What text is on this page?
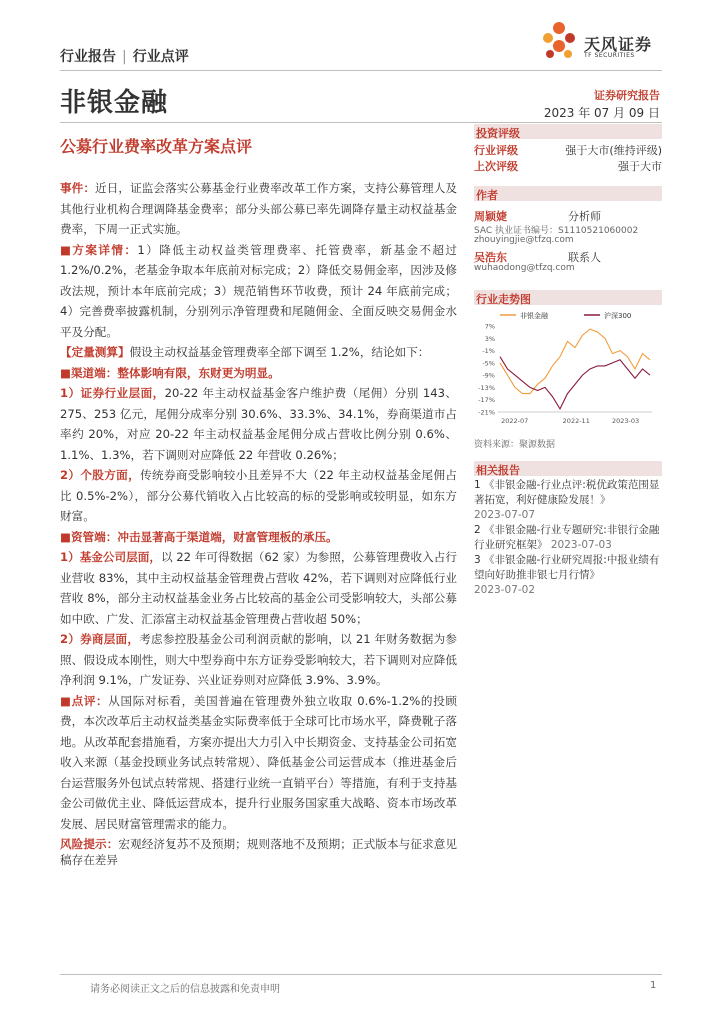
行业报告 | 行业点评
天风证券
TF SECURITIES
非银金融
公募行业费率改革方案点评
证券研究报告
2023 年 07 月 09 日
投资评级
行业评级	强于大市(维持评级)
上次评级	强于大市
作者
周颖婕	分析师
SAC 执业证书编号：S1110521060002
zhouyingjie@tfzq.com
吴浩东	联系人
wuhaodong@tfzq.com
行业走势图
非银金融	沪深300
7%
3%
-1%
-5%
-9%
-13%
-17%
-21%
2022-07	2022-11	2023-03
资料来源：聚源数据
相关报告
1 《非银金融-行业点评:税优政策范围显著拓宽，利好健康险发展！》
2023-07-07
2 《非银金融-行业专题研究:非银行金融行业研究框架》 2023-07-03
3 《非银金融-行业研究周报:中报业绩有望向好助推非银七月行情》
2023-07-02

事件：近日，证监会落实公募基金行业费率改革工作方案，支持公募管理人及其他行业机构合理调降基金费率；部分头部公募已率先调降存量主动权益基金费率，下周一正式实施。

■方案详情：1）降低主动权益类管理费率、托管费率，新基金不超过1.2%/0.2%，老基金争取本年底前对标完成；2）降低交易佣金率，因涉及修改法规，预计本年底前完成；3）规范销售环节收费，预计 24 年底前完成；4）完善费率披露机制，分别列示净管理费和尾随佣金、全面反映交易佣金水平及分配。

【定量测算】假设主动权益基金管理费率全部下调至 1.2%，结论如下：

■渠道端：整体影响有限，东财更为明显。

1）证券行业层面，20-22 年主动权益基金客户维护费（尾佣）分别 143、275、253 亿元，尾佣分成率分别 30.6%、33.3%、34.1%，券商渠道市占率约 20%，对应 20-22 年主动权益基金尾佣分成占营收比例分别 0.6%、1.1%、1.3%，若下调则对应降低 22 年营收 0.26%；

2）个股方面，传统券商受影响较小且差异不大（22 年主动权益基金尾佣占比 0.5%-2%），部分公募代销收入占比较高的标的受影响或较明显，如东方财富。

■资管端：冲击显著高于渠道端，财富管理板的承压。

1）基金公司层面，以 22 年可得数据（62 家）为参照，公募管理费收入占行业营收 83%，其中主动权益基金管理费占营收 42%，若下调则对应降低行业营收 8%，部分主动权益基金业务占比较高的基金公司受影响较大，头部公募如中欧、广发、汇添富主动权益基金管理费占营收超 50%；

2）券商层面，考虑参控股基金公司利润贡献的影响，以 21 年财务数据为参照、假设成本刚性，则大中型券商中东方证券受影响较大，若下调则对应降低净利润 9.1%，广发证券、兴业证券则对应降低 3.9%、3.9%。

■点评：从国际对标看，美国普遍在管理费外独立收取 0.6%-1.2%的投顾费，本次改革后主动权益类基金实际费率低于全球可比市场水平，降费靴子落地。从改革配套措施看，方案亦提出大力引入中长期资金、支持基金公司拓宽收入来源（基金投顾业务试点转常规）、降低基金公司运营成本（推进基金后台运营服务外包试点转常规、搭建行业统一直销平台）等措施，有利于支持基金公司做优主业、降低运营成本，提升行业服务国家重大战略、资本市场改革发展、居民财富管理需求的能力。

风险提示：宏观经济复苏不及预期；规则落地不及预期；正式版本与征求意见稿存在差异

请务必阅读正文之后的信息披露和免责申明	1
